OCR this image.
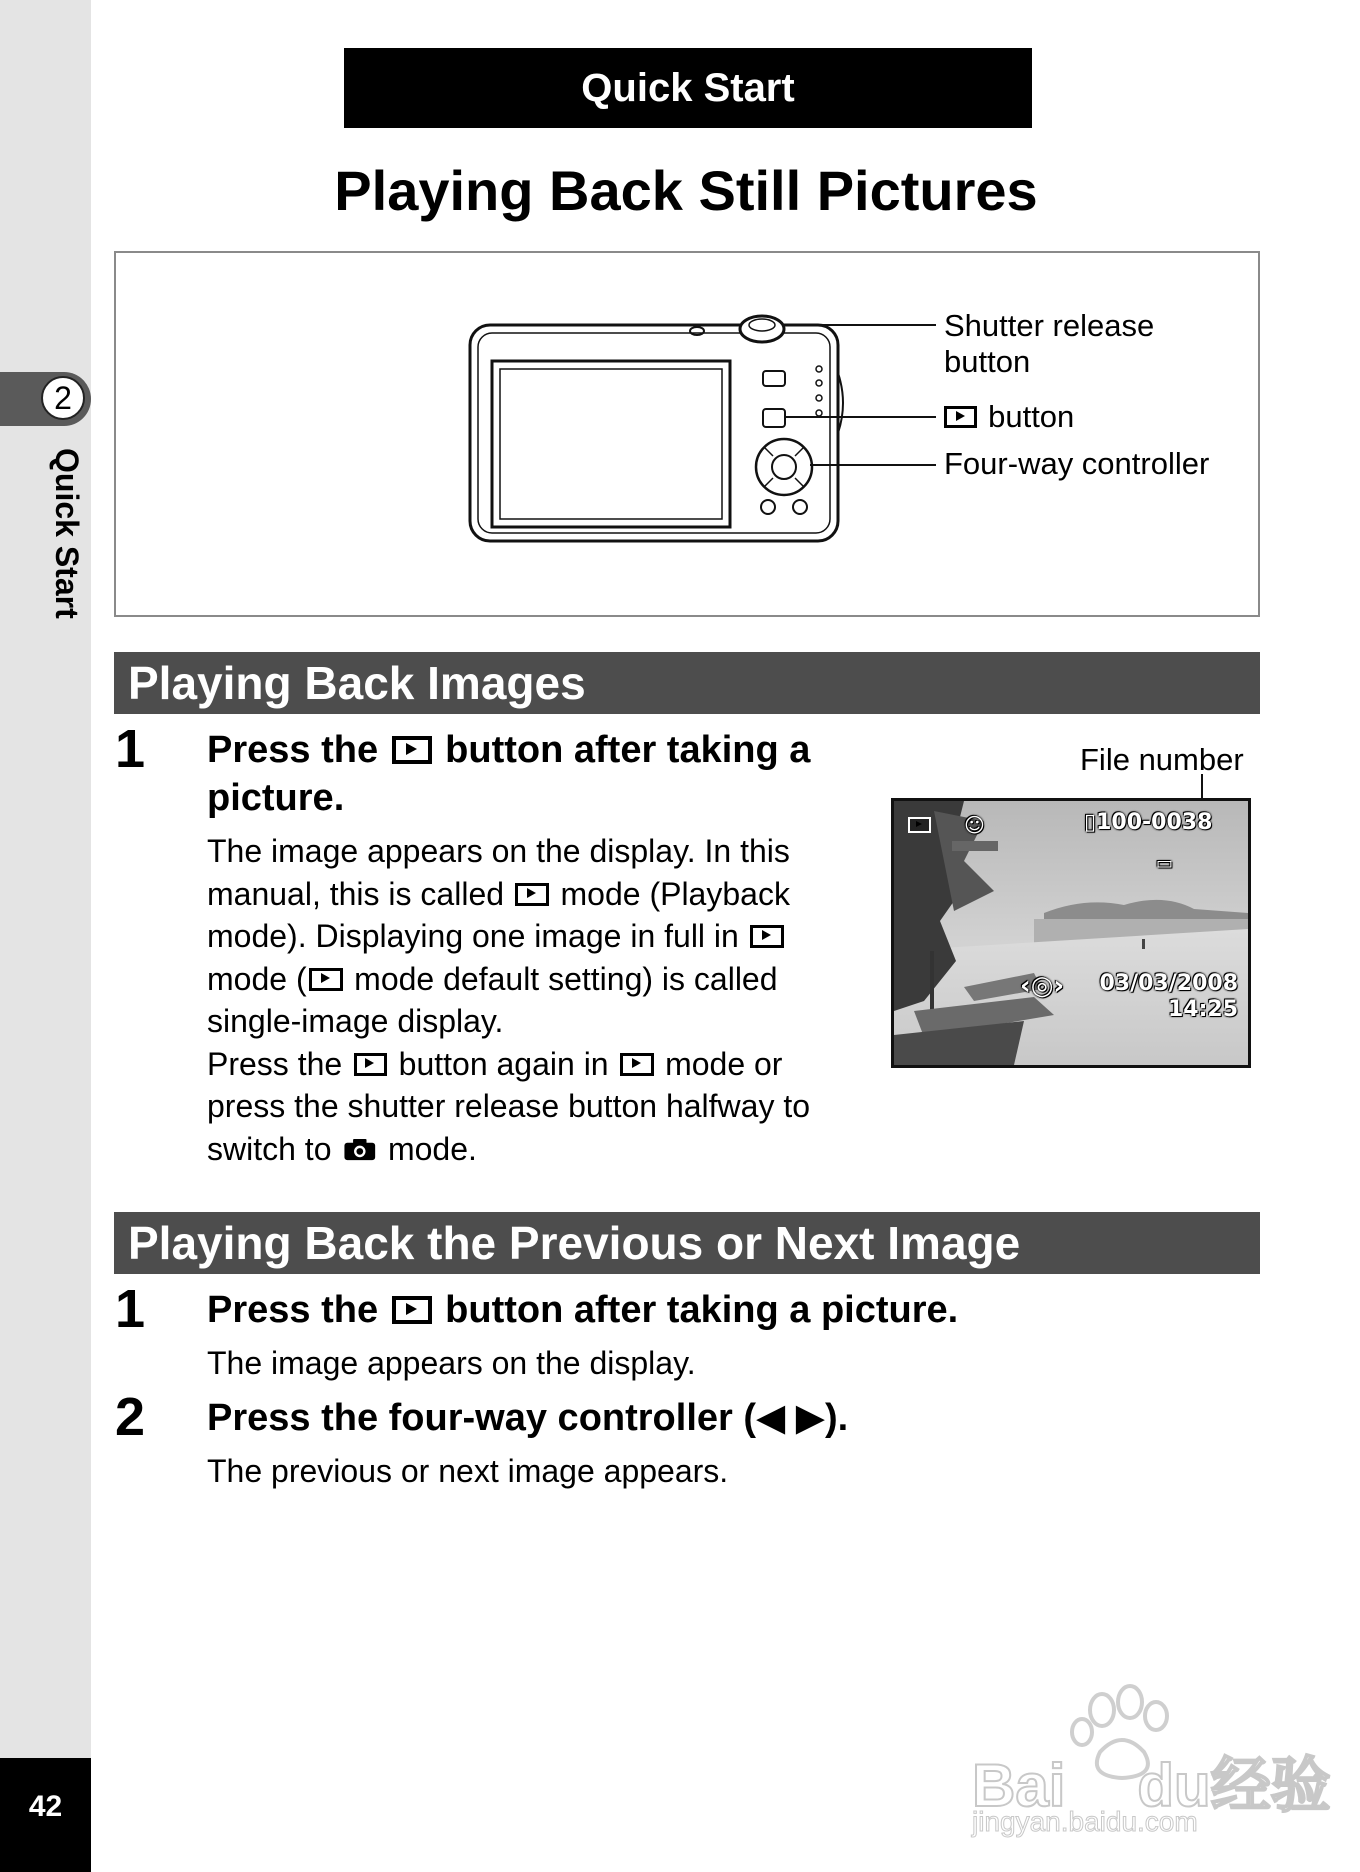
2
Quick Start
42
Quick Start
Playing Back Still Pictures
Shutter release
button
button
Four-way controller
Playing Back Images
1 Press the  button after taking a
picture.
The image appears on the display. In this
manual, this is called  mode (Playback
mode). Displaying one image in full in
mode ( mode default setting) is called
single-image display.
Press the  button again in  mode or
press the shutter release button halfway to
switch to
mode.
File number
☺	▯100-0038
▭
‹◎› 03/03/2008
14:25
Playing Back the Previous or Next Image
1 Press the  button after taking a picture.
The image appears on the display.
2 Press the four-way controller (◀ ▶).
The previous or next image appears.
Bai du经验
jingyan.baidu.com
